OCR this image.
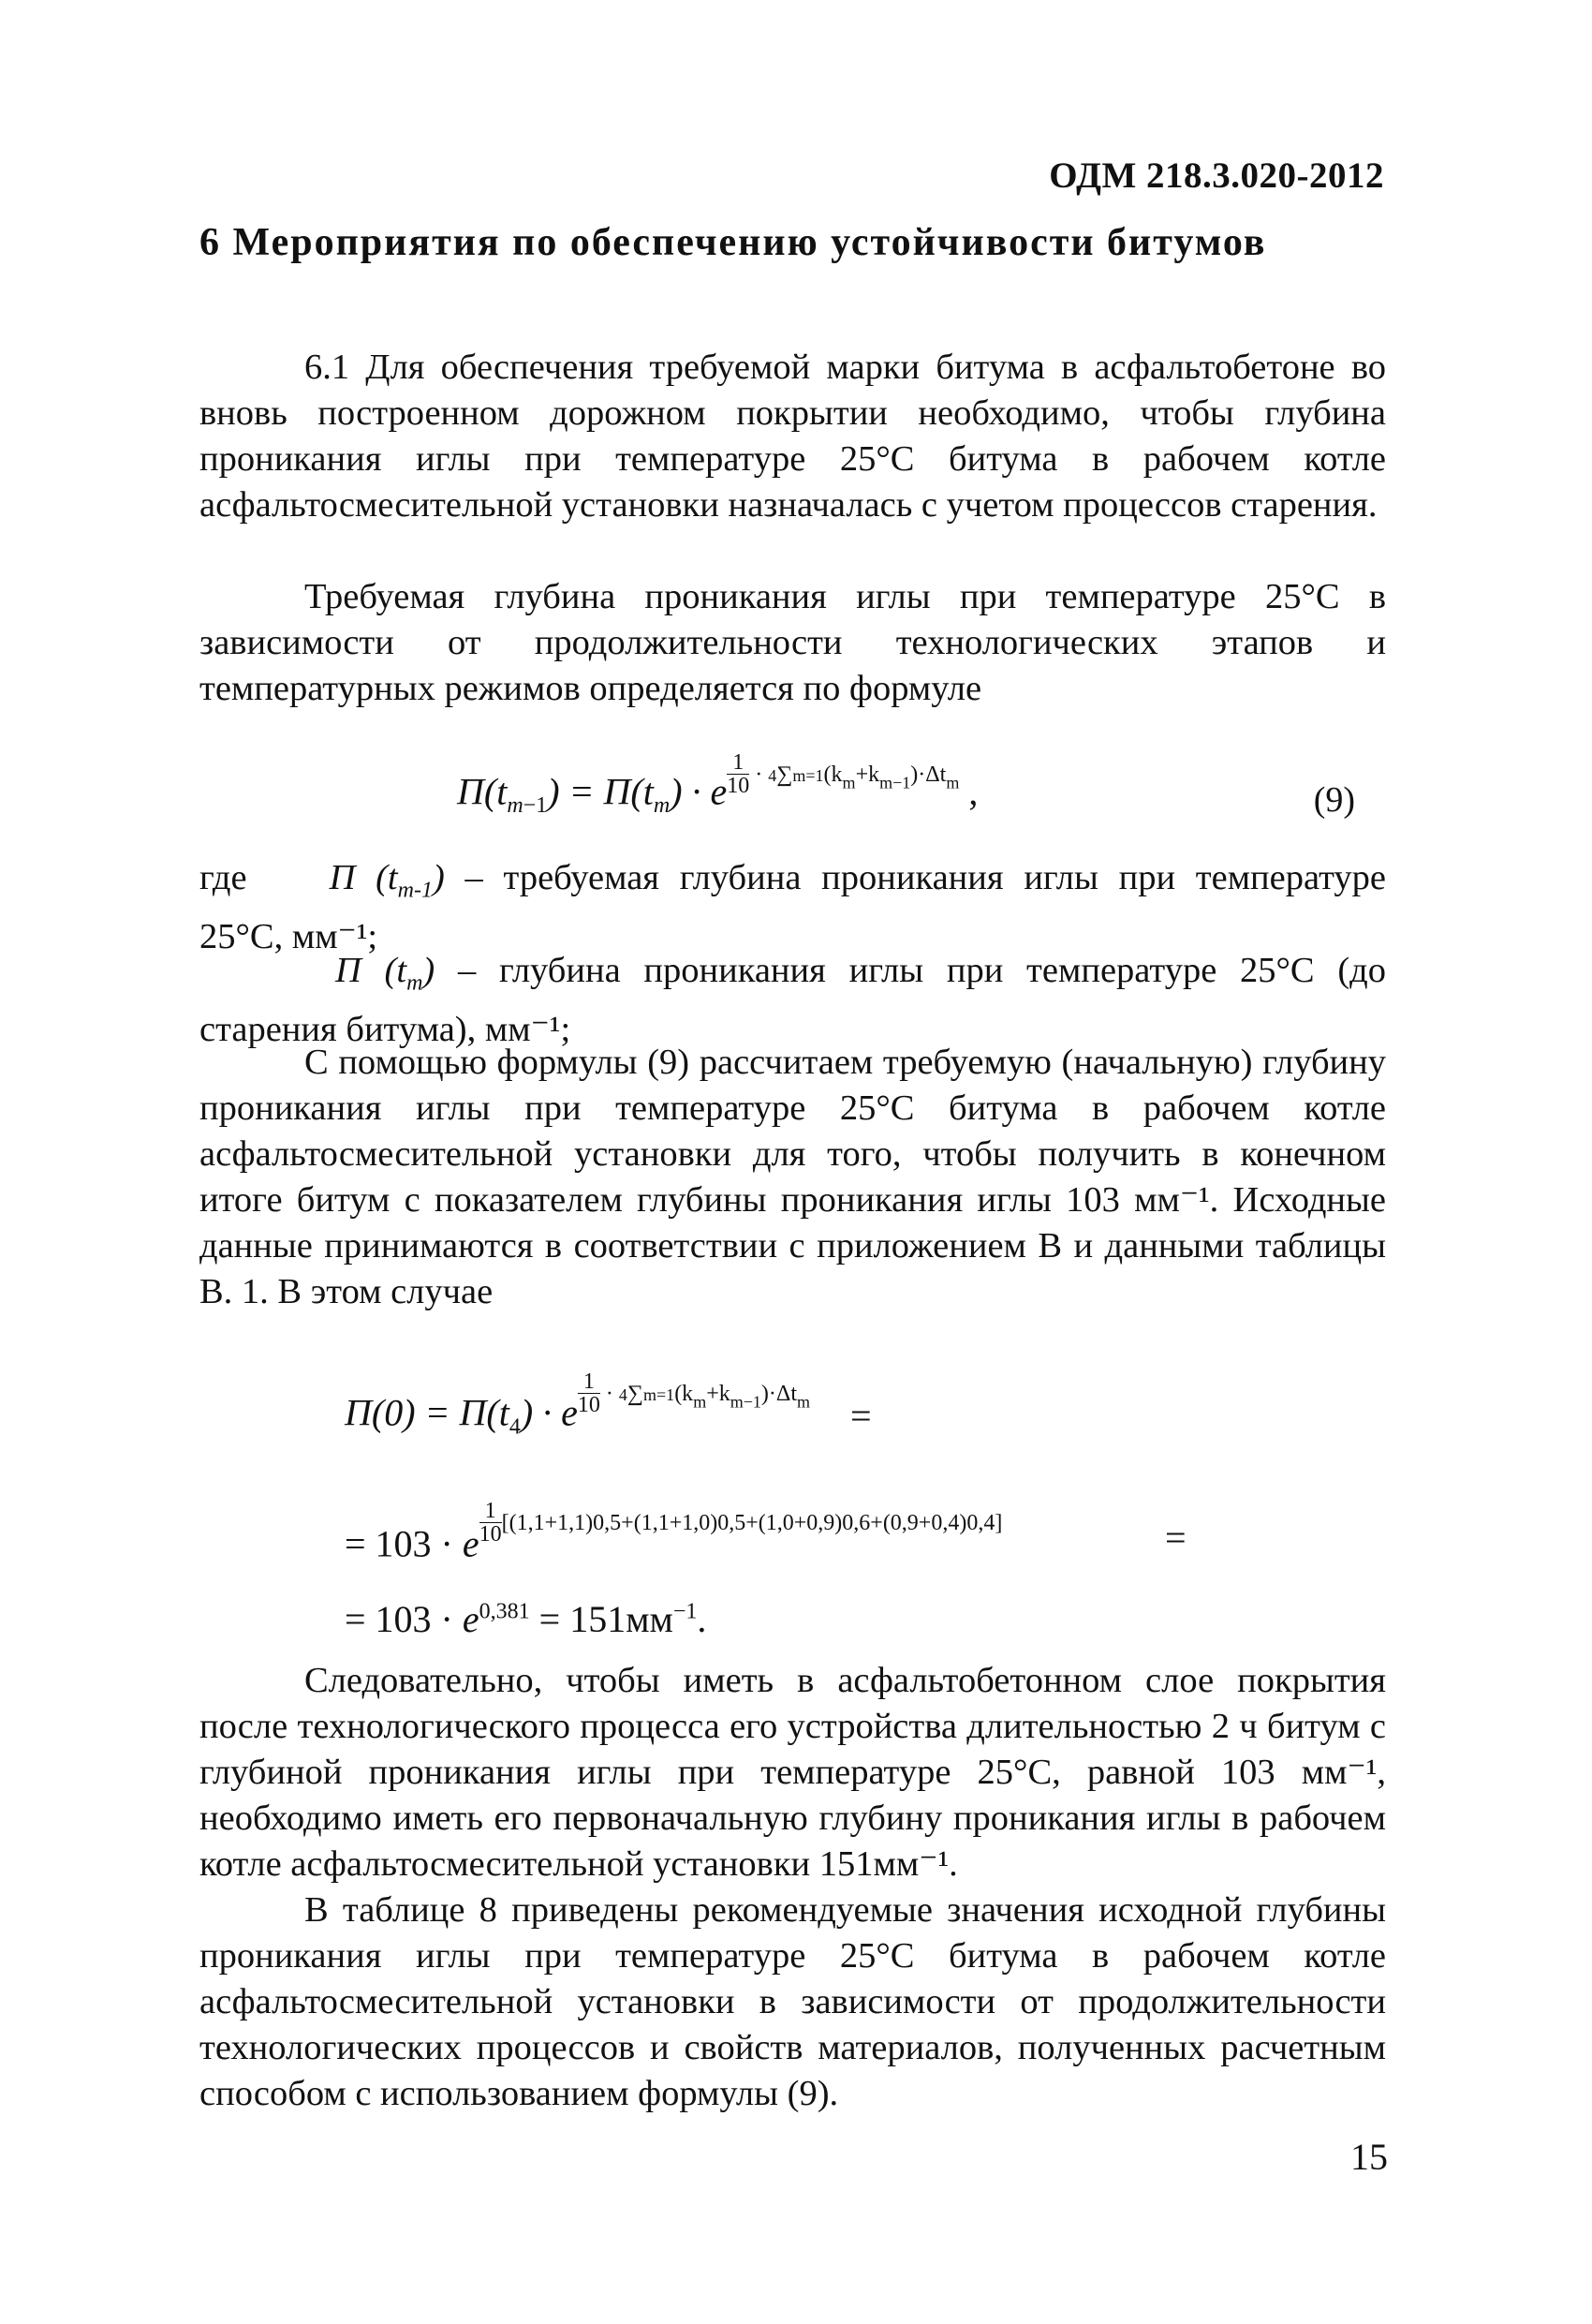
ОДМ 218.3.020-2012
6 Мероприятия по обеспечению устойчивости битумов
6.1 Для обеспечения требуемой марки битума в асфальтобетоне во вновь построенном дорожном покрытии необходимо, чтобы глубина проникания иглы при температуре 25°С битума в рабочем котле асфальтосмесительной установки назначалась с учетом процессов старения.
Требуемая глубина проникания иглы при температуре 25°С в зависимости от продолжительности технологических этапов и температурных режимов определяется по формуле
$П(t_{m-1}) = П(t_m) \cdot e$ $^{\frac{1}{10} \cdot 4\sum m=1(k_m+k_{m-1})\cdot\Delta t_m}$ ,	(9)
где П $(t_{m-1})$ – требуемая глубина проникания иглы при температуре 25°С, мм⁻¹;
П $(t_m)$ – глубина проникания иглы при температуре 25°С (до старения битума), мм⁻¹;
С помощью формулы (9) рассчитаем требуемую (начальную) глубину проникания иглы при температуре 25°С битума в рабочем котле асфальтосмесительной установки для того, чтобы получить в конечном итоге битум с показателем глубины проникания иглы 103 мм⁻¹. Исходные данные принимаются в соответствии с приложением В и данными таблицы В. 1. В этом случае
$П(0) = П(t_4) \cdot e$ $^{\frac{1}{10} \cdot 4\sum m=1(k_m+k_{m-1})\cdot\Delta t_m}$ =
= 103 · e $^{\frac{1}{10} [(1,1+1,1)0,5+(1,1+1,0)0,5+(1,0+0,9)0,6+(0,9+0,4)0,4]}$	=
= $103 \cdot e^{0,381} = 151мм^{-1}$.
Следовательно, чтобы иметь в асфальтобетонном слое покрытия после технологического процесса его устройства длительностью 2 ч битум с глубиной проникания иглы при температуре 25°С, равной 103 мм⁻¹, необходимо иметь его первоначальную глубину проникания иглы в рабочем котле асфальтосмесительной установки 151мм⁻¹.
В таблице 8 приведены рекомендуемые значения исходной глубины проникания иглы при температуре 25°С битума в рабочем котле асфальтосмесительной установки в зависимости от продолжительности технологических процессов и свойств материалов, полученных расчетным способом с использованием формулы (9).
15
